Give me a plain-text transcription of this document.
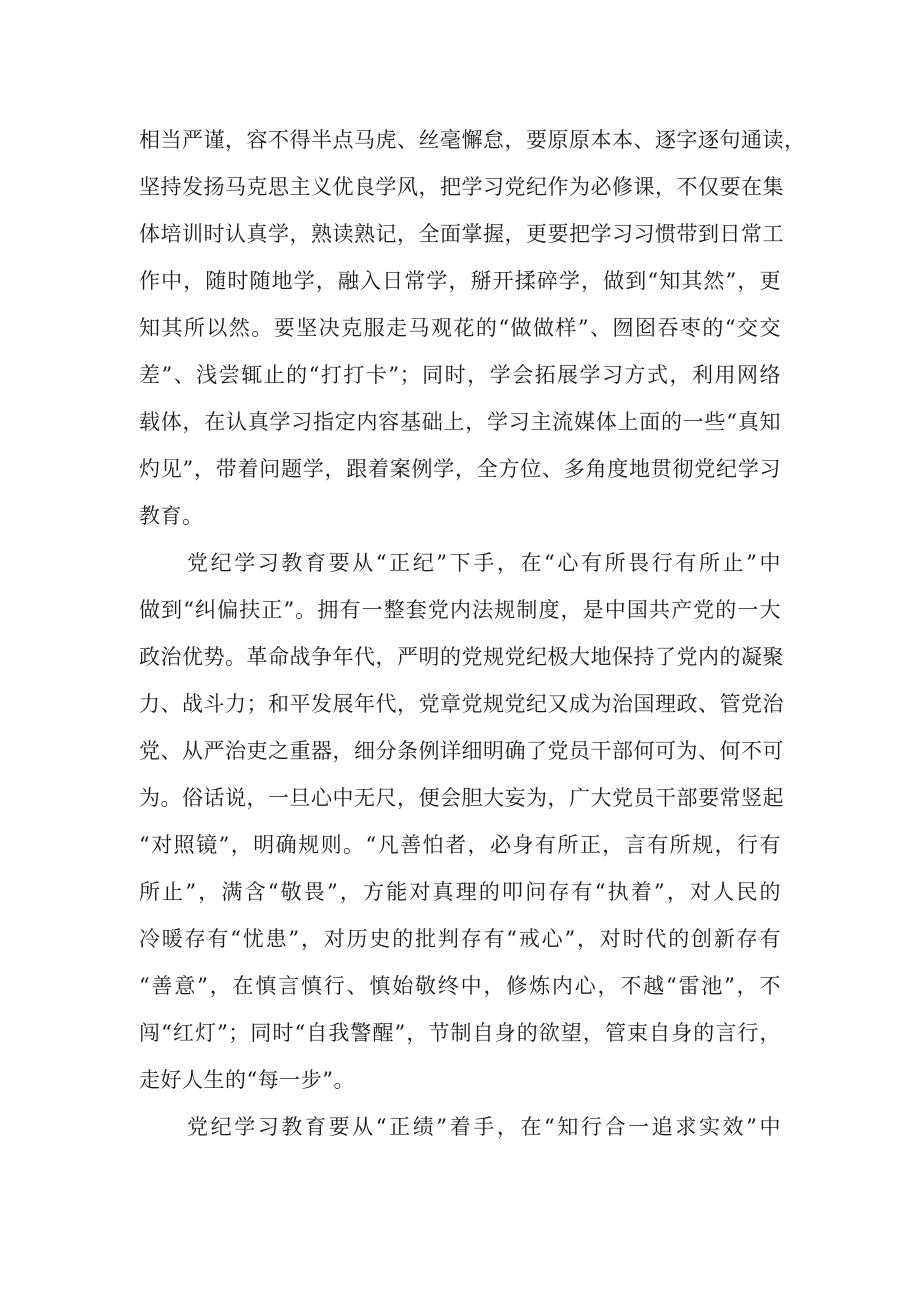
相当严谨，容不得半点马虎、丝毫懈怠，要原原本本、逐字逐句通读，
坚持发扬马克思主义优良学风，把学习党纪作为必修课，不仅要在集
体培训时认真学，熟读熟记，全面掌握，更要把学习习惯带到日常工
作中，随时随地学，融入日常学，掰开揉碎学，做到“知其然”，更
知其所以然。要坚决克服走马观花的“做做样”、囫囵吞枣的“交交
差”、浅尝辄止的“打打卡”；同时，学会拓展学习方式，利用网络
载体，在认真学习指定内容基础上，学习主流媒体上面的一些“真知
灼见”，带着问题学，跟着案例学，全方位、多角度地贯彻党纪学习
教育。
党纪学习教育要从“正纪”下手，在“心有所畏行有所止”中
做到“纠偏扶正”。拥有一整套党内法规制度，是中国共产党的一大
政治优势。革命战争年代，严明的党规党纪极大地保持了党内的凝聚
力、战斗力；和平发展年代，党章党规党纪又成为治国理政、管党治
党、从严治吏之重器，细分条例详细明确了党员干部何可为、何不可
为。俗话说，一旦心中无尺，便会胆大妄为，广大党员干部要常竖起
“对照镜”，明确规则。“凡善怕者，必身有所正，言有所规，行有
所止”，满含“敬畏”，方能对真理的叩问存有“执着”，对人民的
冷暖存有“忧患”，对历史的批判存有“戒心”，对时代的创新存有
“善意”，在慎言慎行、慎始敬终中，修炼内心，不越“雷池”，不
闯“红灯”；同时“自我警醒”，节制自身的欲望，管束自身的言行，
走好人生的“每一步”。
党纪学习教育要从“正绩”着手，在“知行合一追求实效”中
